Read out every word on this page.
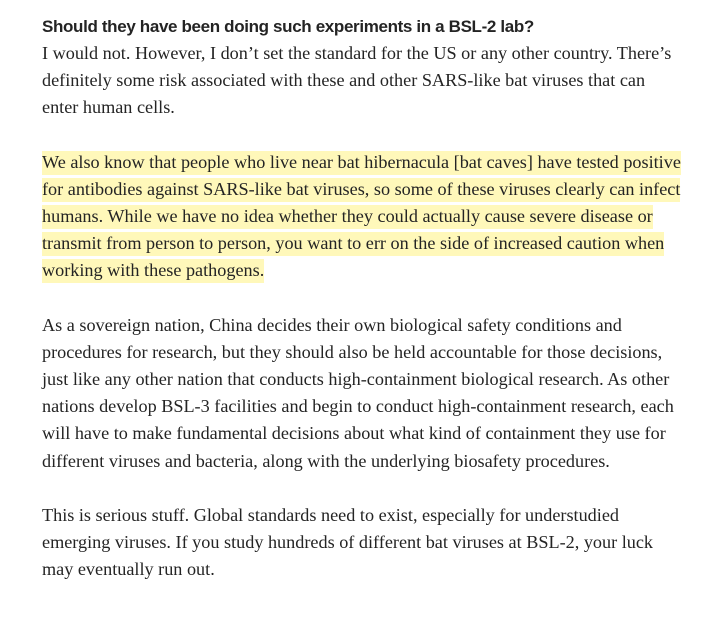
Should they have been doing such experiments in a BSL-2 lab?

I would not. However, I don’t set the standard for the US or any other country. There’s definitely some risk associated with these and other SARS-like bat viruses that can enter human cells.

We also know that people who live near bat hibernacula [bat caves] have tested positive for antibodies against SARS-like bat viruses, so some of these viruses clearly can infect humans. While we have no idea whether they could actually cause severe disease or transmit from person to person, you want to err on the side of increased caution when working with these pathogens.

As a sovereign nation, China decides their own biological safety conditions and procedures for research, but they should also be held accountable for those decisions, just like any other nation that conducts high-containment biological research. As other nations develop BSL-3 facilities and begin to conduct high-containment research, each will have to make fundamental decisions about what kind of containment they use for different viruses and bacteria, along with the underlying biosafety procedures.

This is serious stuff. Global standards need to exist, especially for understudied emerging viruses. If you study hundreds of different bat viruses at BSL-2, your luck may eventually run out.
